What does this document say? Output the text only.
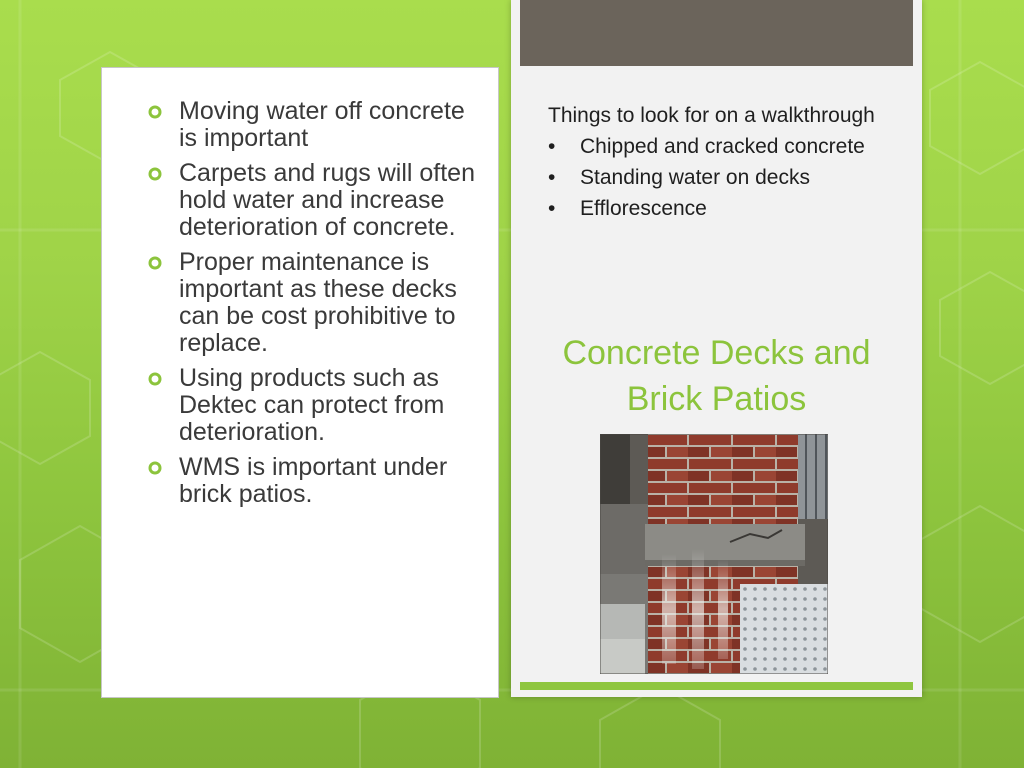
Moving water off concrete is important
Carpets and rugs will often hold water and increase deterioration of concrete.
Proper maintenance is important as these decks can be cost prohibitive to replace.
Using products such as Dektec can protect from deterioration.
WMS is important under brick patios.

Things to look for on a walkthrough

• Chipped and cracked concrete
• Standing water on decks
• Efflorescence
Concrete Decks and Brick Patios
